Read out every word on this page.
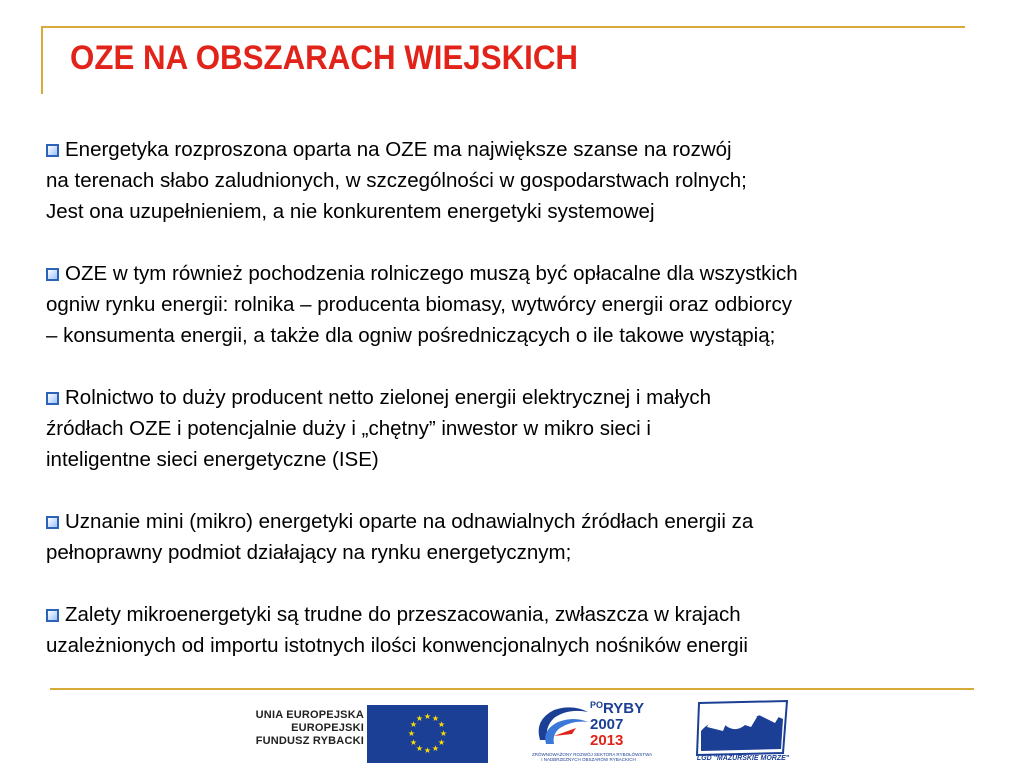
OZE NA OBSZARACH WIEJSKICH
Energetyka rozproszona oparta na OZE ma największe szanse na rozwój
na terenach słabo zaludnionych, w szczególności w gospodarstwach rolnych;
Jest ona uzupełnieniem, a nie konkurentem energetyki systemowej
OZE w tym również pochodzenia rolniczego muszą być opłacalne dla wszystkich
ogniw rynku energii: rolnika – producenta biomasy, wytwórcy energii oraz odbiorcy
– konsumenta energii, a także dla ogniw pośredniczących o ile takowe wystąpią;
Rolnictwo to duży producent netto zielonej energii elektrycznej i małych
źródłach OZE i potencjalnie duży i „chętny” inwestor w mikro sieci i
inteligentne sieci energetyczne (ISE)
Uznanie mini (mikro) energetyki oparte na odnawialnych źródłach energii za
pełnoprawny podmiot działający na rynku energetycznym;
Zalety mikroenergetyki są trudne do przeszacowania, zwłaszcza w krajach
uzależnionych od importu istotnych ilości konwencjonalnych nośników energii
UNIA EUROPEJSKA
EUROPEJSKI
FUNDUSZ RYBACKI
★ ★
★
★
★
★
★
★
★
★
★
★
$^{PO}$RYBY
2007
2013
ZRÓWNOWAŻONY ROZWÓJ SEKTORA RYBOŁÓWSTWA
I NADBRZEŻNYCH OBSZARÓW RYBACKICH	LGD "MAZURSKIE MORZE"
